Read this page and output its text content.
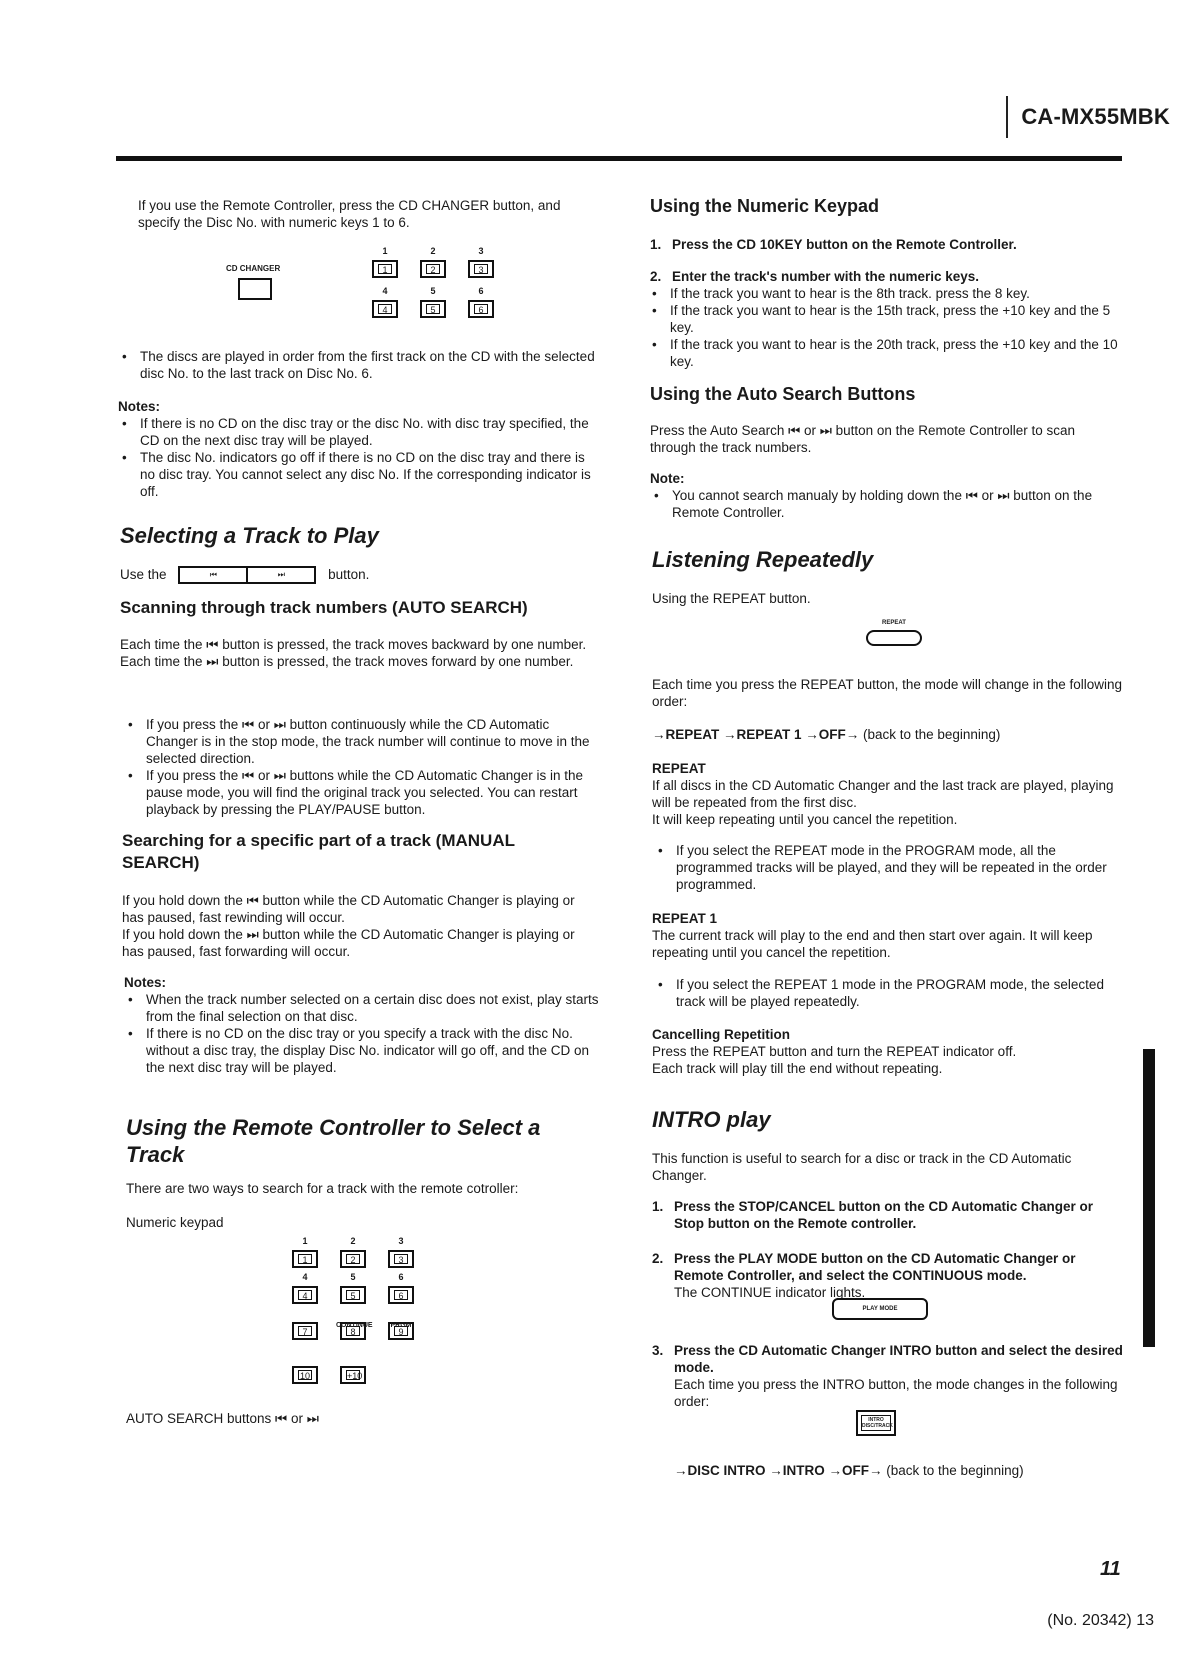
CA-MX55MBK
If you use the Remote Controller, press the CD CHANGER button, and specify the Disc No. with numeric keys 1 to 6.
CD CHANGER
1
1
2
2
3
3
4
4
5
5
6
6
• The discs are played in order from the first track on the CD with the selected disc No. to the last track on Disc No. 6.

Notes:

• If there is no CD on the disc tray or the disc No. with disc tray specified, the CD on the next disc tray will be played.
• The disc No. indicators go off if there is no CD on the disc tray and there is no disc tray. You cannot select any disc No. If the corresponding indicator is off.
Selecting a Track to Play
Use the	⏮	⏭	button.
Scanning through track numbers (AUTO SEARCH)

Each time the ⏮ button is pressed, the track moves backward by one number.

Each time the ⏭ button is pressed, the track moves forward by one number.

• If you press the ⏮ or ⏭ button continuously while the CD Automatic Changer is in the stop mode, the track number will continue to move in the selected direction.
• If you press the ⏮ or ⏭ buttons while the CD Automatic Changer is in the pause mode, you will find the original track you selected. You can restart playback by pressing the PLAY/PAUSE button.
Searching for a specific part of a track (MANUAL SEARCH)

If you hold down the ⏮ button while the CD Automatic Changer is playing or has paused, fast rewinding will occur.

If you hold down the ⏭ button while the CD Automatic Changer is playing or has paused, fast forwarding will occur.

Notes:

• When the track number selected on a certain disc does not exist, play starts from the final selection on that disc.
• If there is no CD on the disc tray or you specify a track with the disc No. without a disc tray, the display Disc No. indicator will go off, and the CD on the next disc tray will be played.
Using the Remote Controller to Select a Track
There are two ways to search for a track with the remote cotroller:
Numeric keypad
1
1
2
2
3
3
4
4
5
5
6
6
7	8	9
CONTINUE	PRGM
10	+10
AUTO SEARCH buttons ⏮ or ⏭
Using the Numeric Keypad
1. Press the CD 10KEY button on the Remote Controller.
2. Enter the track's number with the numeric keys.
• If the track you want to hear is the 8th track. press the 8 key.
• If the track you want to hear is the 15th track, press the +10 key and the 5 key.
• If the track you want to hear is the 20th track, press the +10 key and the 10 key.
Using the Auto Search Buttons
Press the Auto Search ⏮ or ⏭ button on the Remote Controller to scan through the track numbers.

Note:

• You cannot search manualy by holding down the ⏮ or ⏭ button on the Remote Controller.
Listening Repeatedly
Using the REPEAT button.
REPEAT
Each time you press the REPEAT button, the mode will change in the following order:
→REPEAT →REPEAT 1 →OFF→ (back to the beginning)

REPEAT

If all discs in the CD Automatic Changer and the last track are played, playing will be repeated from the first disc.

It will keep repeating until you cancel the repetition.

• If you select the REPEAT mode in the PROGRAM mode, all the programmed tracks will be played, and they will be repeated in the order programmed.

REPEAT 1

The current track will play to the end and then start over again. It will keep repeating until you cancel the repetition.

• If you select the REPEAT 1 mode in the PROGRAM mode, the selected track will be played repeatedly.

Cancelling Repetition

Press the REPEAT button and turn the REPEAT indicator off.

Each track will play till the end without repeating.

INTRO play
This function is useful to search for a disc or track in the CD Automatic Changer.
1. Press the STOP/CANCEL button on the CD Automatic Changer or Stop button on the Remote controller.
2. Press the PLAY MODE button on the CD Automatic Changer or Remote Controller, and select the CONTINUOUS mode.
The CONTINUE indicator lights.
PLAY MODE
3. Press the CD Automatic Changer INTRO button and select the desired mode.
Each time you press the INTRO button, the mode changes in the following order:
INTRO
DISC/TRACK
→DISC INTRO →INTRO →OFF→ (back to the beginning)
11
(No. 20342) 13
